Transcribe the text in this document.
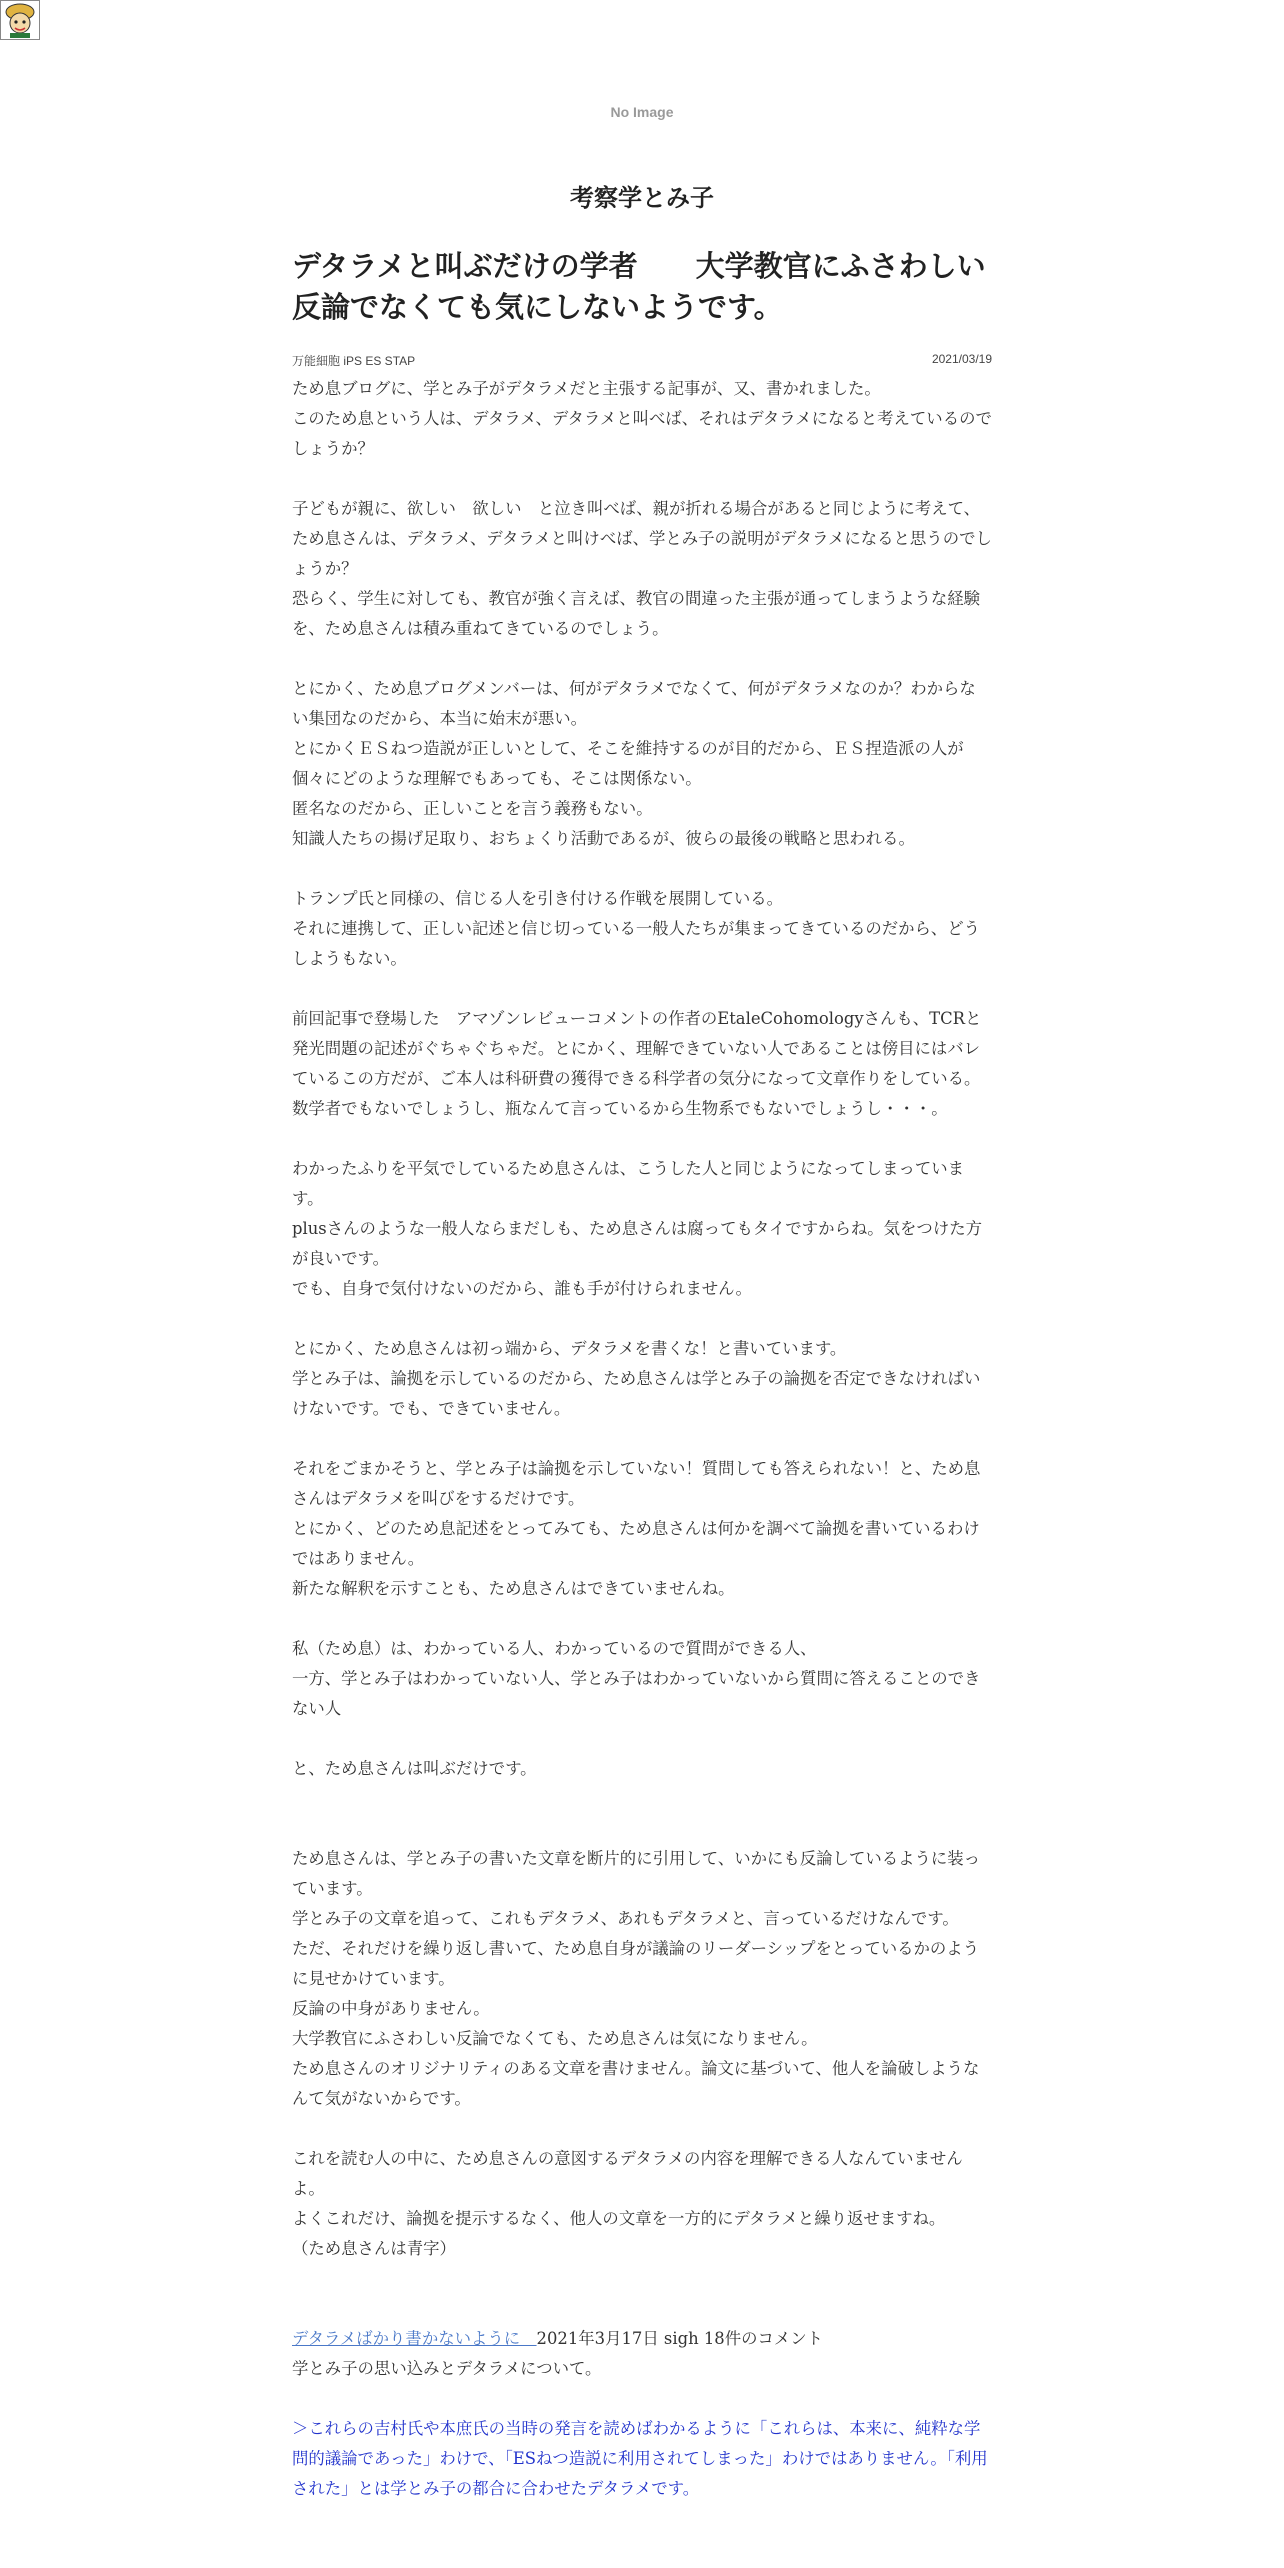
No Image
考察学とみ子
デタラメと叫ぶだけの学者　　大学教官にふさわしい反論でなくても気にしないようです。
万能細胞 iPS ES STAP	2021/03/19

ため息ブログに、学とみ子がデタラメだと主張する記事が、又、書かれました。

このため息という人は、デタラメ、デタラメと叫べば、それはデタラメになると考えているのでしょうか？

子どもが親に、欲しい　欲しい　と泣き叫べば、親が折れる場合があると同じように考えて、ため息さんは、デタラメ、デタラメと叫けべば、学とみ子の説明がデタラメになると思うのでしょうか？

恐らく、学生に対しても、教官が強く言えば、教官の間違った主張が通ってしまうような経験を、ため息さんは積み重ねてきているのでしょう。

とにかく、ため息ブログメンバーは、何がデタラメでなくて、何がデタラメなのか？わからない集団なのだから、本当に始末が悪い。

とにかくＥＳねつ造説が正しいとして、そこを維持するのが目的だから、ＥＳ捏造派の人が個々にどのような理解でもあっても、そこは関係ない。

匿名なのだから、正しいことを言う義務もない。

知識人たちの揚げ足取り、おちょくり活動であるが、彼らの最後の戦略と思われる。

トランプ氏と同様の、信じる人を引き付ける作戦を展開している。

それに連携して、正しい記述と信じ切っている一般人たちが集まってきているのだから、どうしようもない。

前回記事で登場した　アマゾンレビューコメントの作者のEtaleCohomologyさんも、TCRと発光問題の記述がぐちゃぐちゃだ。とにかく、理解できていない人であることは傍目にはバレているこの方だが、ご本人は科研費の獲得できる科学者の気分になって文章作りをしている。数学者でもないでしょうし、瓶なんて言っているから生物系でもないでしょうし・・・。

わかったふりを平気でしているため息さんは、こうした人と同じようになってしまっています。

plusさんのような一般人ならまだしも、ため息さんは腐ってもタイですからね。気をつけた方が良いです。

でも、自身で気付けないのだから、誰も手が付けられません。

とにかく、ため息さんは初っ端から、デタラメを書くな！と書いています。

学とみ子は、論拠を示しているのだから、ため息さんは学とみ子の論拠を否定できなければいけないです。でも、できていません。

それをごまかそうと、学とみ子は論拠を示していない！質問しても答えられない！と、ため息さんはデタラメを叫びをするだけです。

とにかく、どのため息記述をとってみても、ため息さんは何かを調べて論拠を書いているわけではありません。

新たな解釈を示すことも、ため息さんはできていませんね。

私（ため息）は、わかっている人、わかっているので質問ができる人、

一方、学とみ子はわかっていない人、学とみ子はわかっていないから質問に答えることのできない人

と、ため息さんは叫ぶだけです。

ため息さんは、学とみ子の書いた文章を断片的に引用して、いかにも反論しているように装っています。

学とみ子の文章を追って、これもデタラメ、あれもデタラメと、言っているだけなんです。

ただ、それだけを繰り返し書いて、ため息自身が議論のリーダーシップをとっているかのように見せかけています。

反論の中身がありません。

大学教官にふさわしい反論でなくても、ため息さんは気になりません。

ため息さんのオリジナリティのある文章を書けません。論文に基づいて、他人を論破しようなんて気がないからです。

これを読む人の中に、ため息さんの意図するデタラメの内容を理解できる人なんていませんよ。

よくこれだけ、論拠を提示するなく、他人の文章を一方的にデタラメと繰り返せますね。

（ため息さんは青字）

デタラメばかり書かないように　2021年3月17日 sigh 18件のコメント

学とみ子の思い込みとデタラメについて。

＞これらの吉村氏や本庶氏の当時の発言を読めばわかるように「これらは、本来に、純粋な学問的議論であった」わけで、「ESねつ造説に利用されてしまった」わけではありません。「利用された」とは学とみ子の都合に合わせたデタラメです。
